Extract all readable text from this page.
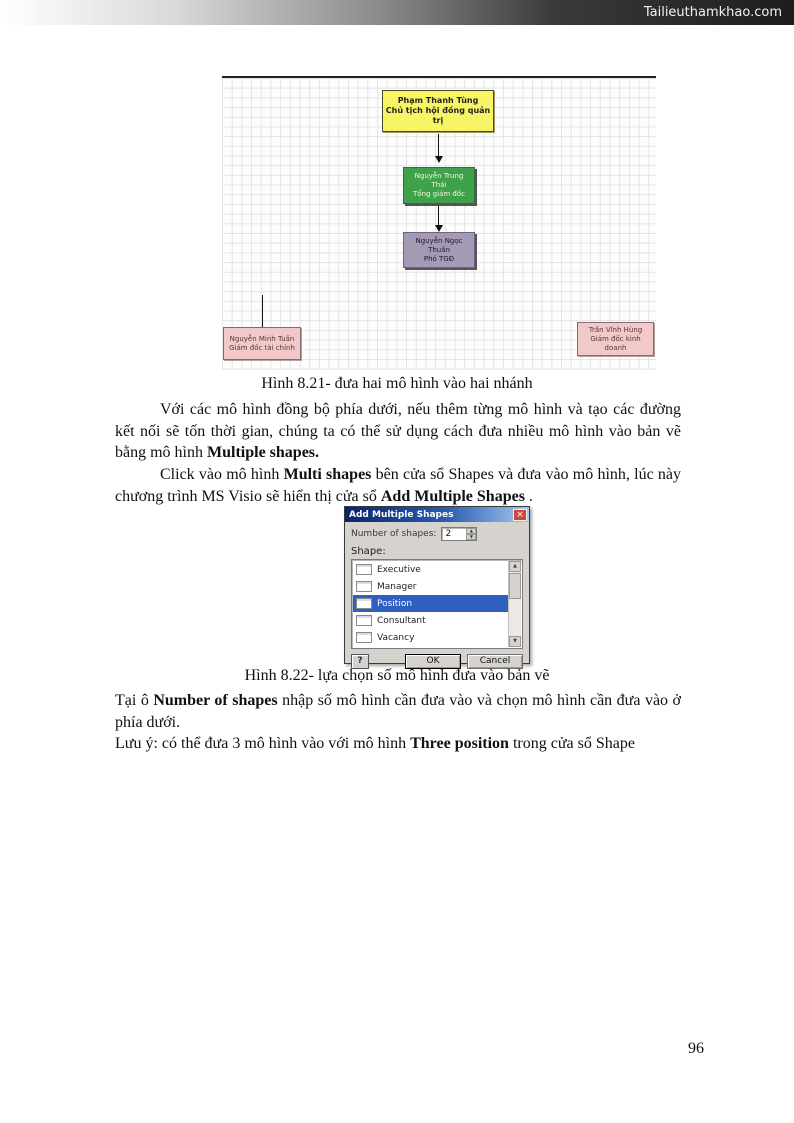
Tailieuthamkhao.com
Phạm Thanh Tùng
Chủ tịch hội đồng quản
trị
Nguyễn Trung
Thái
Tổng giám đốc
Nguyễn Ngọc
Thuấn
Phó TGĐ
Nguyễn Minh Tuấn
Giám đốc tài chính
Trần Vĩnh Hùng
Giám đốc kinh
doanh
Hình 8.21- đưa hai mô hình vào hai nhánh

Với các mô hình đồng bộ phía dưới, nếu thêm từng mô hình và tạo các đường kết nối sẽ tốn thời gian, chúng ta có thể sử dụng cách đưa nhiều mô hình vào bản vẽ bằng mô hình Multiple shapes.

Click vào mô hình Multi shapes bên cửa sổ Shapes và đưa vào mô hình, lúc này chương trình MS Visio sẽ hiển thị cửa sổ Add Multiple Shapes .

Add Multiple Shapes	×
Number of shapes:	2	▲
▼
Shape:
Executive
Manager
Position
Consultant
Vacancy
▲
▼
?	OK	Cancel
Hình 8.22- lựa chọn số mô hình đưa vào bản vẽ

Tại ô Number of shapes nhập số mô hình cần đưa vào và chọn mô hình cần đưa vào ở phía dưới.

Lưu ý: có thể đưa 3 mô hình vào với mô hình Three position trong cửa sổ Shape

96
